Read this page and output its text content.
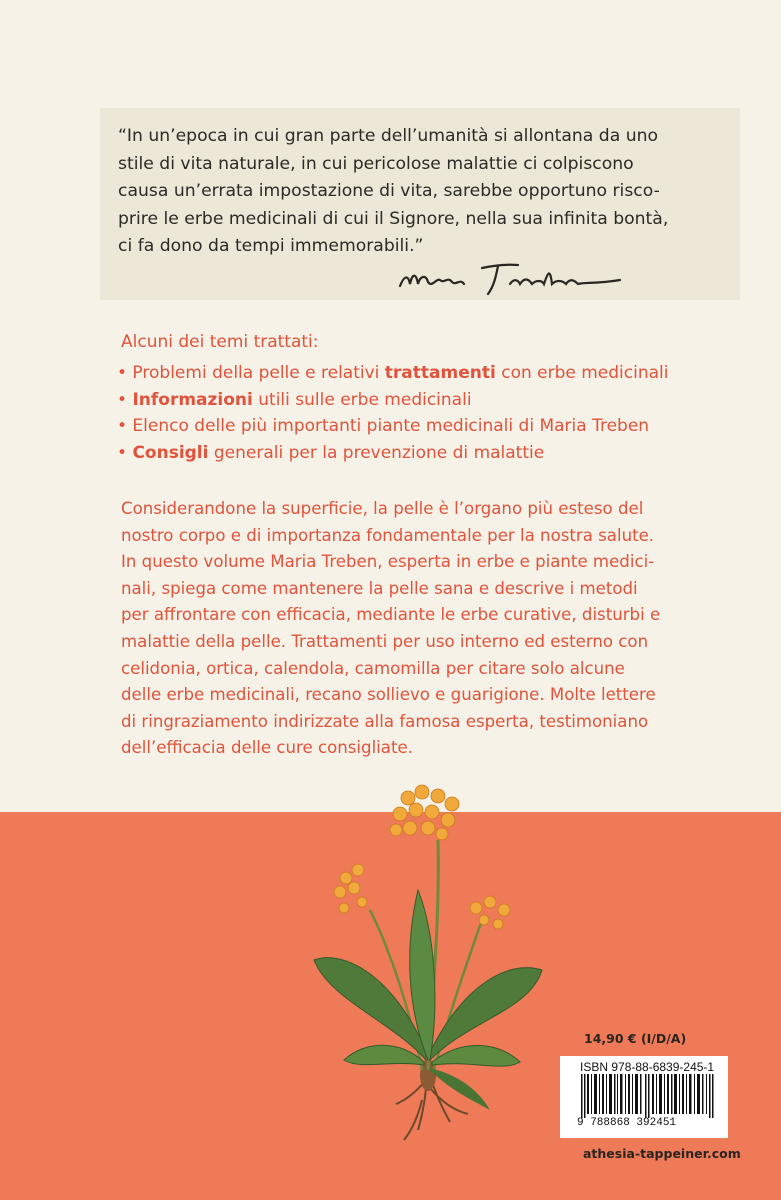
“In un’epoca in cui gran parte dell’umanità si allontana da uno
stile di vita naturale, in cui pericolose malattie ci colpiscono
causa un’errata impostazione di vita, sarebbe opportuno risco-
prire le erbe medicinali di cui il Signore, nella sua infinita bontà,
ci fa dono da tempi immemorabili.”
Alcuni dei temi trattati:
• Problemi della pelle e relativi trattamenti con erbe medicinali
• Informazioni utili sulle erbe medicinali
• Elenco delle più importanti piante medicinali di Maria Treben
• Consigli generali per la prevenzione di malattie
Considerandone la superficie, la pelle è l’organo più esteso del
nostro corpo e di importanza fondamentale per la nostra salute.
In questo volume Maria Treben, esperta in erbe e piante medici-
nali, spiega come mantenere la pelle sana e descrive i metodi
per affrontare con efficacia, mediante le erbe curative, disturbi e
malattie della pelle. Trattamenti per uso interno ed esterno con
celidonia, ortica, calendola, camomilla per citare solo alcune
delle erbe medicinali, recano sollievo e guarigione. Molte lettere
di ringraziamento indirizzate alla famosa esperta, testimoniano
dell’efficacia delle cure consigliate.
14,90 € (I/D/A)
ISBN 978-88-6839-245-1
9 788868 392451
athesia-tappeiner.com
